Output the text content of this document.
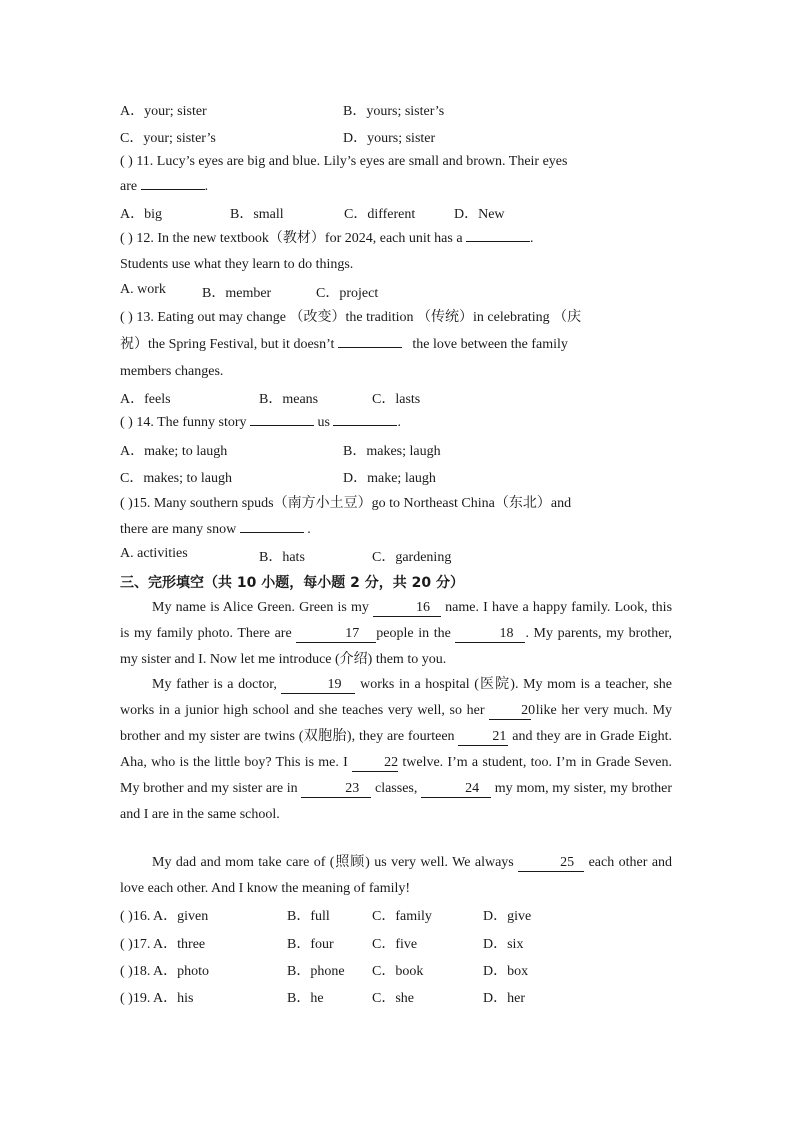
A．your; sister	B．yours; sister’s
C．your; sister’s	D．yours; sister
( ) 11. Lucy’s eyes are big and blue. Lily’s eyes are small and brown. Their eyes
are	.
A．big	B．small	C．different	D．New
( ) 12. In the new textbook（教材）for 2024, each unit has a	.
Students use what they learn to do things.
A. work	B．member	C．project
( ) 13. Eating out may change （改变）the tradition （传统）in celebrating （庆
祝）the Spring Festival, but it doesn’t	the love between the family
members changes.
A．feels	B．means	C．lasts
( ) 14. The funny story	us	.
A．make; to laugh	B．makes; laugh
C．makes; to laugh	D．make; laugh
( )15. Many southern spuds（南方小土豆）go to Northeast China（东北）and
there are many snow	.
A. activities	B．hats	C．gardening
三、完形填空（共 10 小题，每小题 2 分，共 20 分）
My name is Alice Green. Green is my	16 name. I have a happy family. Look, this is my family photo. There are	17 people in the	18 . My parents, my brother, my sister and I. Now let me introduce (介绍) them to you.
My father is a doctor,	19 works in a hospital (医院). My mom is a teacher, she works in a junior high school and she teaches very well, so her	20 like her very much. My brother and my sister are twins (双胞胎), they are fourteen	21 and they are in Grade Eight. Aha, who is the little boy? This is me. I	22 twelve. I’m a student, too. I’m in Grade Seven. My brother and my sister are in	23 classes,	24 my mom, my sister, my brother and I are in the same school.
My dad and mom take care of (照顾) us very well. We always	25 each other and love each other. And I know the meaning of family!
( )16. A．given	B．full	C．family	D．give
( )17. A．three	B．four	C．five	D．six
( )18. A．photo	B．phone C．book	D．box
( )19. A．his	B．he	C．she	D．her
